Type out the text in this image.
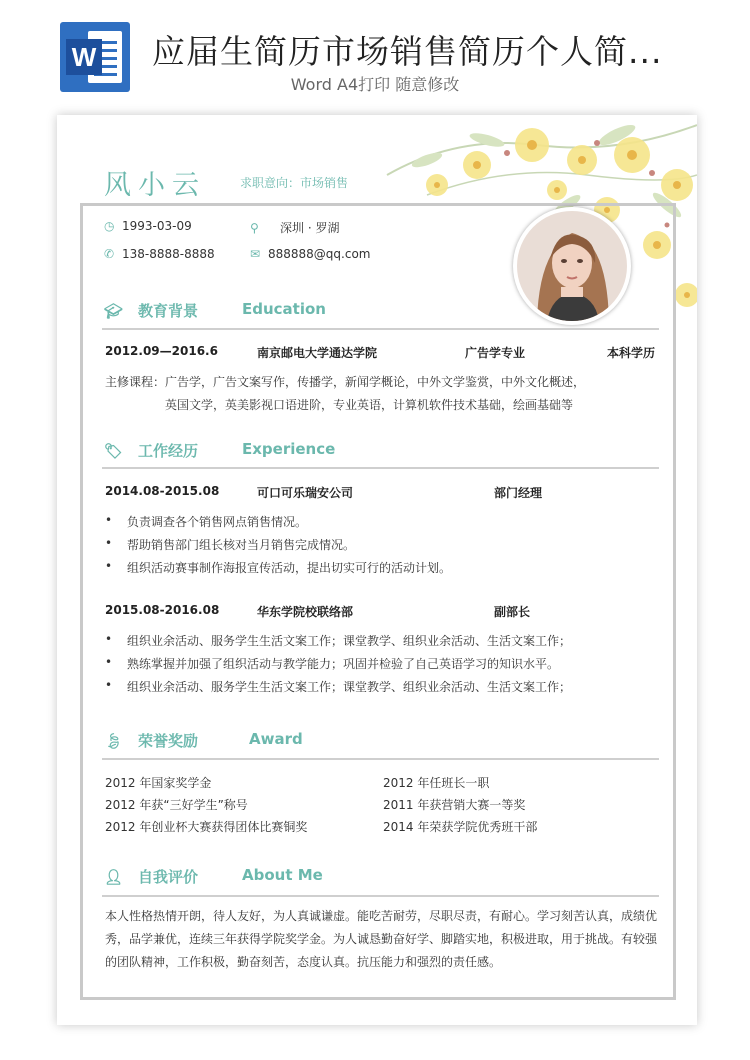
W 应届生简历市场销售简历个人简...
Word A4打印 随意修改
风小云	求职意向：市场销售
◷ 1993-03-09	⚲ 深圳 · 罗湖
✆ 138-8888-8888	✉ 888888@qq.com
🎓︎ 教育背景	Education
2012.09—2016.6	南京邮电大学通达学院	广告学专业	本科学历
主修课程：广告学，广告文案写作，传播学，新闻学概论，中外文学鉴赏，中外文化概述，
英国文学，英美影视口语进阶，专业英语，计算机软件技术基础，绘画基础等
🏷︎ 工作经历	Experience
2014.08-2015.08	可口可乐瑞安公司	部门经理
• 负责调查各个销售网点销售情况。
• 帮助销售部门组长核对当月销售完成情况。
• 组织活动赛事制作海报宣传活动，提出切实可行的活动计划。
2015.08-2016.08	华东学院校联络部	副部长
• 组织业余活动、服务学生生活文案工作；课堂教学、组织业余活动、生活文案工作；
• 熟练掌握并加强了组织活动与教学能力；巩固并检验了自己英语学习的知识水平。
• 组织业余活动、服务学生生活文案工作；课堂教学、组织业余活动、生活文案工作；
🍃︎ 荣誉奖励	Award
2012 年国家奖学金	2012 年任班长一职
2012 年获“三好学生”称号	2011 年获营销大赛一等奖
2012 年创业杯大赛获得团体比赛铜奖	2014 年荣获学院优秀班干部
👤︎ 自我评价	About Me
本人性格热情开朗，待人友好，为人真诚谦虚。能吃苦耐劳，尽职尽责，有耐心。学习刻苦认真，成绩优秀，品学兼优，连续三年获得学院奖学金。为人诚恳勤奋好学、脚踏实地，积极进取，用于挑战。有较强的团队精神，工作积极，勤奋刻苦，态度认真。抗压能力和强烈的责任感。
